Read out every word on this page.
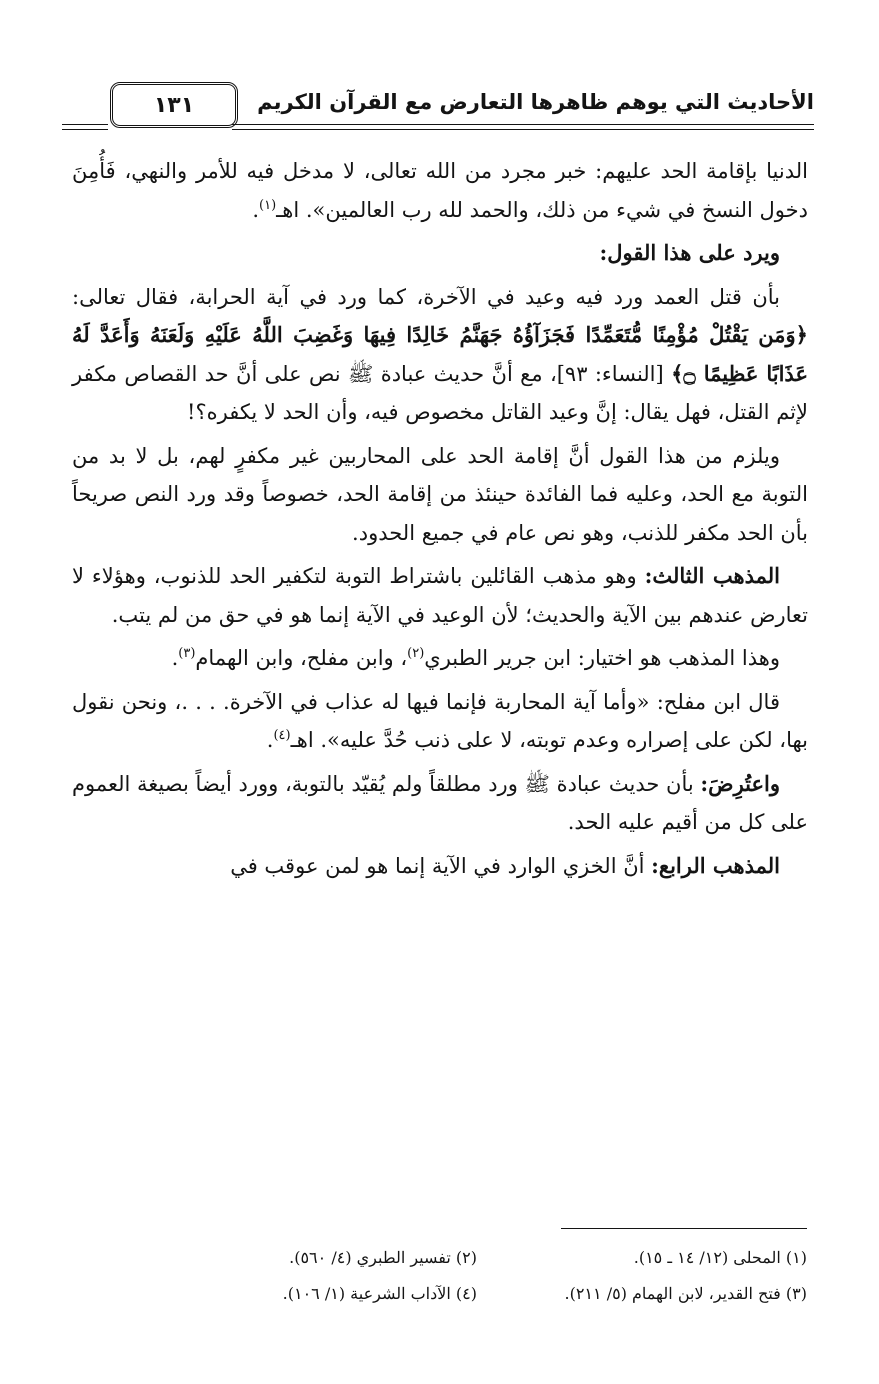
الأحاديث التي يوهم ظاهرها التعارض مع القرآن الكريم
١٣١

الدنيا بإقامة الحد عليهم: خبر مجرد من الله تعالى، لا مدخل فيه للأمر والنهي، فَأُمِنَ دخول النسخ في شيء من ذلك، والحمد لله رب العالمين». اهـ$^{(١)}$.

ويرد على هذا القول:

بأن قتل العمد ورد فيه وعيد في الآخرة، كما ورد في آية الحرابة، فقال تعالى: ﴿وَمَن يَقْتُلْ مُؤْمِنًا مُّتَعَمِّدًا فَجَزَآؤُهُ جَهَنَّمُ خَالِدًا فِيهَا وَغَضِبَ اللَّهُ عَلَيْهِ وَلَعَنَهُ وَأَعَدَّ لَهُ عَذَابًا عَظِيمًا ۝﴾ [النساء: ٩٣]، مع أنَّ حديث عبادة ﷺ نص على أنَّ حد القصاص مكفر لإثم القتل، فهل يقال: إنَّ وعيد القاتل مخصوص فيه، وأن الحد لا يكفره؟!

ويلزم من هذا القول أنَّ إقامة الحد على المحاربين غير مكفرٍ لهم، بل لا بد من التوبة مع الحد، وعليه فما الفائدة حينئذ من إقامة الحد، خصوصاً وقد ورد النص صريحاً بأن الحد مكفر للذنب، وهو نص عام في جميع الحدود.

المذهب الثالث: وهو مذهب القائلين باشتراط التوبة لتكفير الحد للذنوب، وهؤلاء لا تعارض عندهم بين الآية والحديث؛ لأن الوعيد في الآية إنما هو في حق من لم يتب.

وهذا المذهب هو اختيار: ابن جرير الطبري$^{(٢)}$، وابن مفلح، وابن الهمام$^{(٣)}$.

قال ابن مفلح: «وأما آية المحاربة فإنما فيها له عذاب في الآخرة. . . .، ونحن نقول بها، لكن على إصراره وعدم توبته، لا على ذنب حُدَّ عليه». اهـ$^{(٤)}$.

واعتُرِضَ: بأن حديث عبادة ﷺ ورد مطلقاً ولم يُقيّد بالتوبة، وورد أيضاً بصيغة العموم على كل من أقيم عليه الحد.

المذهب الرابع: أنَّ الخزي الوارد في الآية إنما هو لمن عوقب في

(١) المحلى (١٢/ ١٤ ـ ١٥).
(٢) تفسير الطبري (٤/ ٥٦٠).
(٣) فتح القدير، لابن الهمام (٥/ ٢١١).
(٤) الآداب الشرعية (١/ ١٠٦).
